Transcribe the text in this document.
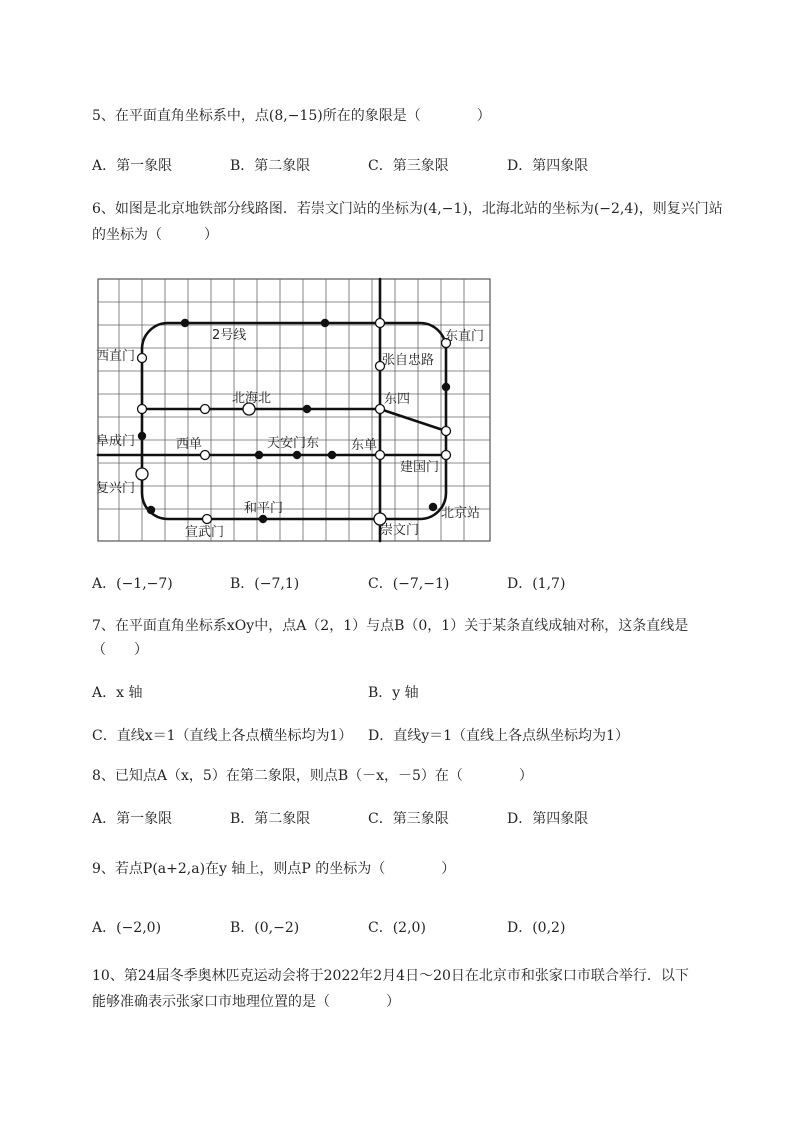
5、在平面直角坐标系中，点(8,−15)所在的象限是（　　　　）
A．第一象限	B．第二象限	C．第三象限	D．第四象限
6、如图是北京地铁部分线路图．若崇文门站的坐标为(4,−1)，北海北站的坐标为(−2,4)，则复兴门站
的坐标为（　　　）
2号线
西直门
东直门
张自忠路
北海北	东四
阜成门	西单	天安门东 东单
建国门
复兴门
和平门	北京站
宣武门	崇文门
A．(−1,−7)	B．(−7,1)	C．(−7,−1)	D．(1,7)
7、在平面直角坐标系xOy中，点A（2，1）与点B（0，1）关于某条直线成轴对称，这条直线是
（　　）
A．x 轴	B．y 轴
C．直线x＝1（直线上各点横坐标均为1） D．直线y＝1（直线上各点纵坐标均为1）
8、已知点A（x，5）在第二象限，则点B（－x，－5）在（　　　　）
A．第一象限	B．第二象限	C．第三象限	D．第四象限
9、若点P(a+2,a)在y 轴上，则点P 的坐标为（　　　　）
A．(−2,0)	B．(0,−2)	C．(2,0)	D．(0,2)
10、第24届冬季奥林匹克运动会将于2022年2月4日～20日在北京市和张家口市联合举行．以下
能够准确表示张家口市地理位置的是（　　　　）
